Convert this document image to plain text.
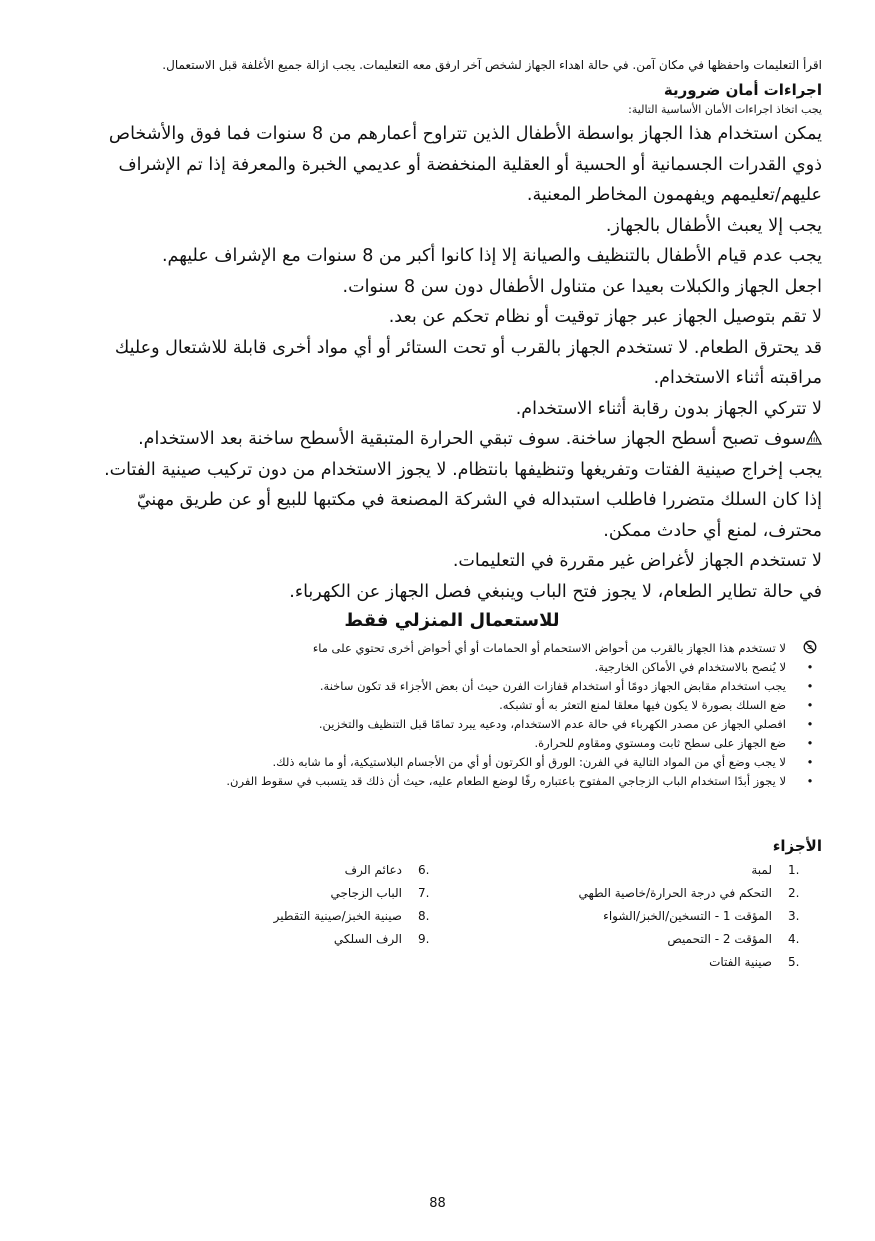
اقرأ التعليمات واحفظها في مكان آمن. في حالة اهداء الجهاز لشخص آخر ارفق معه التعليمات. يجب ازالة جميع الأغلفة قبل الاستعمال.

اجراءات أمان ضرورية
يجب اتخاذ اجراءات الأمان الأساسية التالية:

يمكن استخدام هذا الجهاز بواسطة الأطفال الذين تتراوح أعمارهم من 8 سنوات فما فوق والأشخاص ذوي القدرات الجسمانية أو الحسية أو العقلية المنخفضة أو عديمي الخبرة والمعرفة إذا تم الإشراف عليهم/تعليمهم ويفهمون المخاطر المعنية.

يجب إلا يعبث الأطفال بالجهاز.

يجب عدم قيام الأطفال بالتنظيف والصيانة إلا إذا كانوا أكبر من 8 سنوات مع الإشراف عليهم.

اجعل الجهاز والكبلات بعيدا عن متناول الأطفال دون سن 8 سنوات.

لا تقم بتوصيل الجهاز عبر جهاز توقيت أو نظام تحكم عن بعد.

قد يحترق الطعام. لا تستخدم الجهاز بالقرب أو تحت الستائر أو أي مواد أخرى قابلة للاشتعال وعليك مراقبته أثناء الاستخدام.

لا تتركي الجهاز بدون رقابة أثناء الاستخدام.

سوف تصبح أسطح الجهاز ساخنة. سوف تبقي الحرارة المتبقية الأسطح ساخنة بعد الاستخدام.

يجب إخراج صينية الفتات وتفريغها وتنظيفها بانتظام. لا يجوز الاستخدام من دون تركيب صينية الفتات.

إذا كان السلك متضررا فاطلب استبداله في الشركة المصنعة في مكتبها للبيع أو عن طريق مهنيّ محترف، لمنع أي حادث ممكن.

لا تستخدم الجهاز لأغراض غير مقررة في التعليمات.

في حالة تطاير الطعام، لا يجوز فتح الباب وينبغي فصل الجهاز عن الكهرباء.

للاستعمال المنزلي فقط
لا تستخدم هذا الجهاز بالقرب من أحواض الاستحمام أو الحمامات أو أي أحواض أخرى تحتوي على ماء
•
لا يُنصح بالاستخدام في الأماكن الخارجية.
•
يجب استخدام مقابض الجهاز دومًا أو استخدام قفازات الفرن حيث أن بعض الأجزاء قد تكون ساخنة.
•
ضع السلك بصورة لا يكون فيها معلقا لمنع التعثر به أو تشبكه.
•
افصلي الجهاز عن مصدر الكهرباء في حالة عدم الاستخدام، ودعيه يبرد تمامًا قبل التنظيف والتخزين.
•
ضع الجهاز على سطح ثابت ومستوي ومقاوم للحرارة.
•
لا يجب وضع أي من المواد التالية في الفرن: الورق أو الكرتون أو أي من الأجسام البلاستيكية، أو ما شابه ذلك.
•
لا يجوز أبدًا استخدام الباب الزجاجي المفتوح باعتباره رفًا لوضع الطعام عليه، حيث أن ذلك قد يتسبب في سقوط الفرن.
الأجزاء
1.
لمبة
2.
التحكم في درجة الحرارة/خاصية الطهي
3.
المؤقت 1 - التسخين/الخبز/الشواء
4.
المؤقت 2 - التحميص
5.
صينية الفتات
6.
دعائم الرف
7.
الباب الزجاجي
8.
صينية الخبز/صينية التقطير
9.
الرف السلكي
88
